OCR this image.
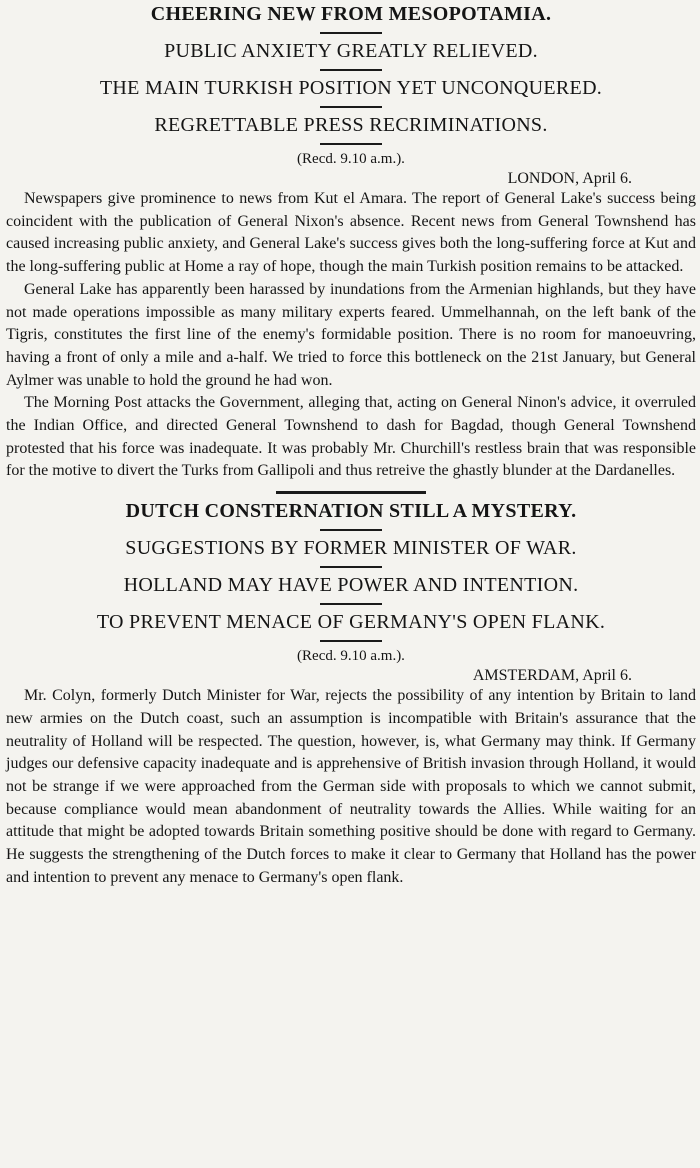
CHEERING NEW FROM MESOPOTAMIA.
PUBLIC ANXIETY GREATLY RELIEVED.
THE MAIN TURKISH POSITION YET UNCONQUERED.
REGRETTABLE PRESS RECRIMINATIONS.

(Recd. 9.10 a.m.).

LONDON, April 6.

Newspapers give prominence to news from Kut el Amara. The report of General Lake's success being coincident with the publication of General Nixon's absence. Recent news from General Townshend has caused increasing public anxiety, and General Lake's success gives both the long-suffering force at Kut and the long-suffering public at Home a ray of hope, though the main Turkish position remains to be attacked.

General Lake has apparently been harassed by inundations from the Armenian highlands, but they have not made operations impossible as many military experts feared. Ummelhannah, on the left bank of the Tigris, constitutes the first line of the enemy's formidable position. There is no room for manoeuvring, having a front of only a mile and a-half. We tried to force this bottleneck on the 21st January, but General Aylmer was unable to hold the ground he had won.

The Morning Post attacks the Government, alleging that, acting on General Ninon's advice, it overruled the Indian Office, and directed General Townshend to dash for Bagdad, though General Townshend protested that his force was inadequate. It was probably Mr. Churchill's restless brain that was responsible for the motive to divert the Turks from Gallipoli and thus retreive the ghastly blunder at the Dardanelles.

DUTCH CONSTERNATION STILL A MYSTERY.
SUGGESTIONS BY FORMER MINISTER OF WAR.
HOLLAND MAY HAVE POWER AND INTENTION.
TO PREVENT MENACE OF GERMANY'S OPEN FLANK.

(Recd. 9.10 a.m.).

AMSTERDAM, April 6.

Mr. Colyn, formerly Dutch Minister for War, rejects the possibility of any intention by Britain to land new armies on the Dutch coast, such an assumption is incompatible with Britain's assurance that the neutrality of Holland will be respected. The question, however, is, what Germany may think. If Germany judges our defensive capacity inadequate and is apprehensive of British invasion through Holland, it would not be strange if we were approached from the German side with proposals to which we cannot submit, because compliance would mean abandonment of neutrality towards the Allies. While waiting for an attitude that might be adopted towards Britain something positive should be done with regard to Germany. He suggests the strengthening of the Dutch forces to make it clear to Germany that Holland has the power and intention to prevent any menace to Germany's open flank.
